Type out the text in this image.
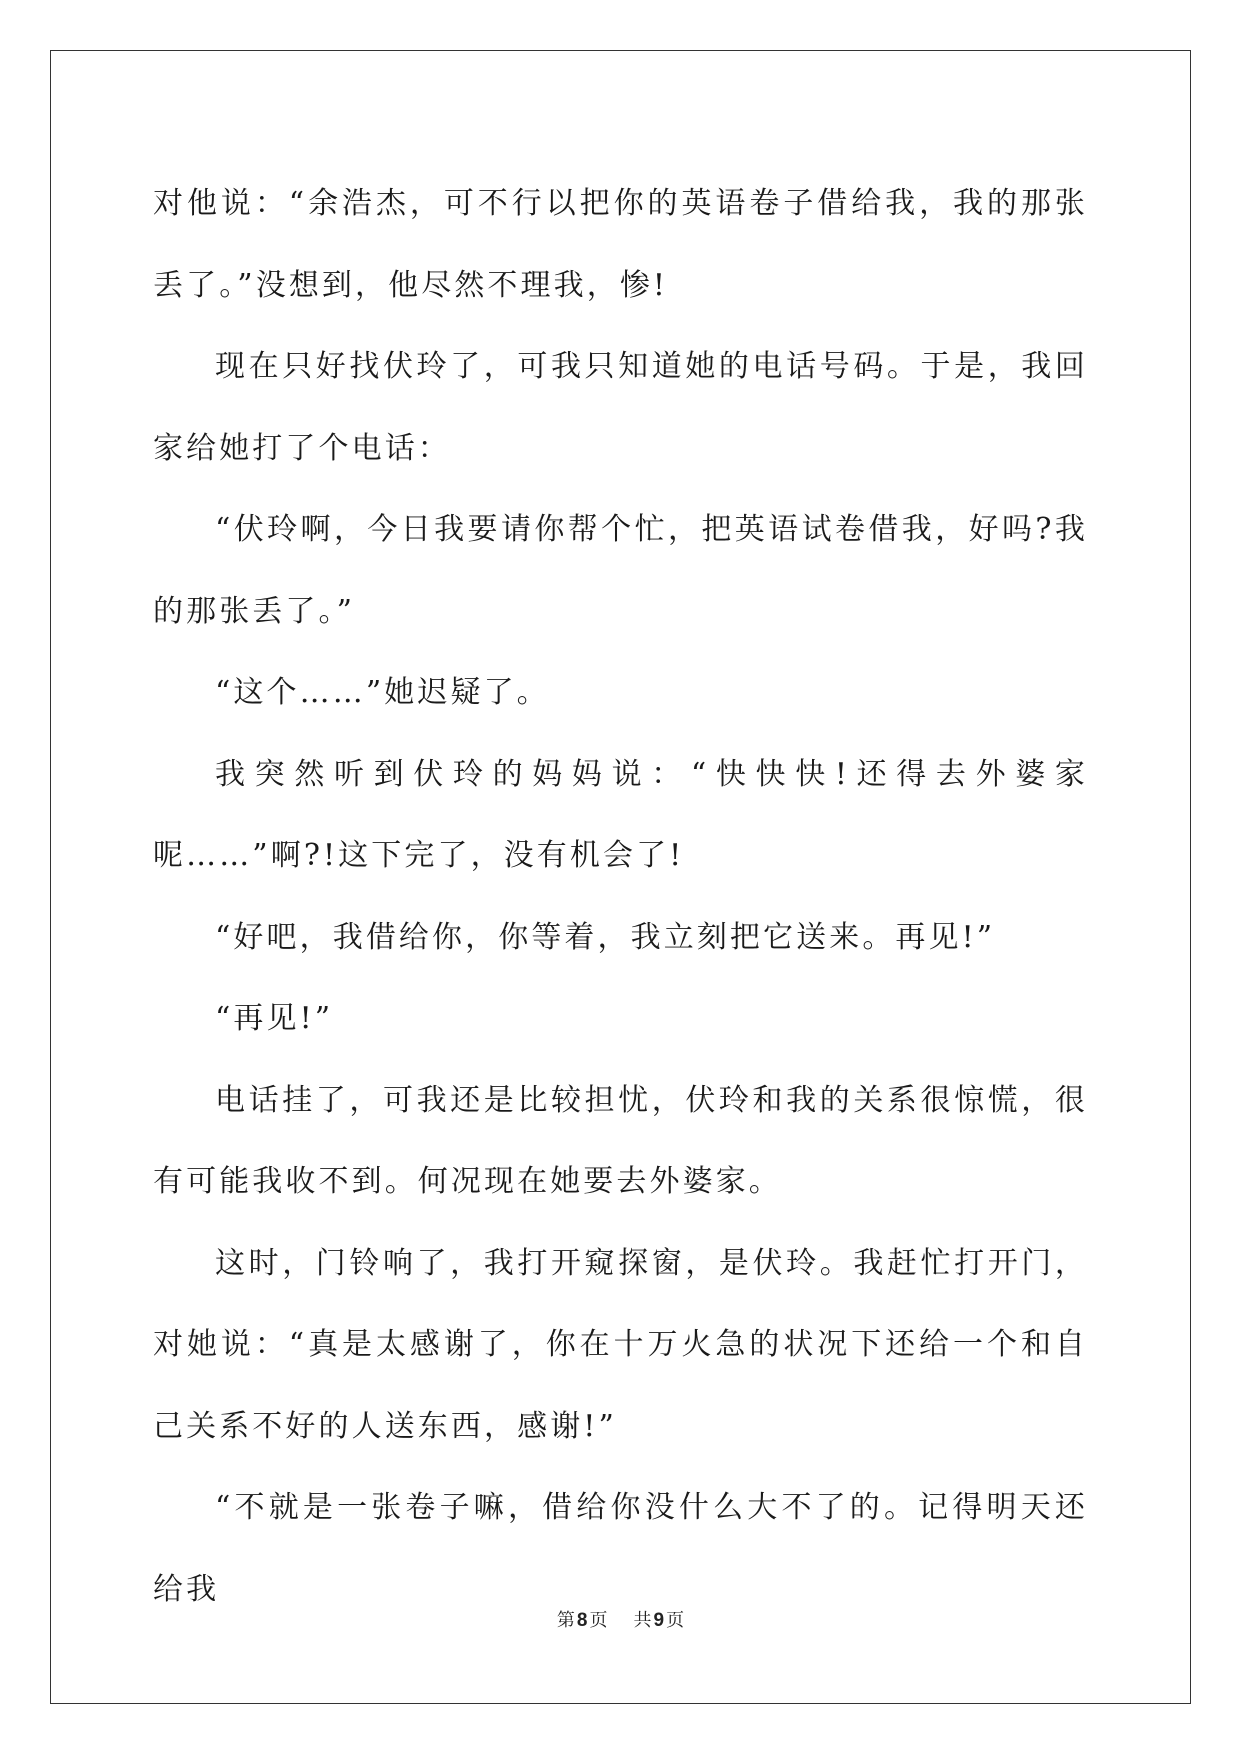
对他说：“余浩杰，可不行以把你的英语卷子借给我，我的那张丢了。”没想到，他尽然不理我，惨!

现在只好找伏玲了，可我只知道她的电话号码。于是，我回家给她打了个电话：

“伏玲啊，今日我要请你帮个忙，把英语试卷借我，好吗?我的那张丢了。”

“这个……”她迟疑了。

我突然听到伏玲的妈妈说：“快快快!还得去外婆家呢……”啊?!这下完了，没有机会了!

“好吧，我借给你，你等着，我立刻把它送来。再见!”

“再见!”

电话挂了，可我还是比较担忧，伏玲和我的关系很惊慌，很有可能我收不到。何况现在她要去外婆家。

这时，门铃响了，我打开窥探窗，是伏玲。我赶忙打开门，对她说：“真是太感谢了，你在十万火急的状况下还给一个和自己关系不好的人送东西，感谢!”

“不就是一张卷子嘛，借给你没什么大不了的。记得明天还给我

第 8 页 共 9 页
